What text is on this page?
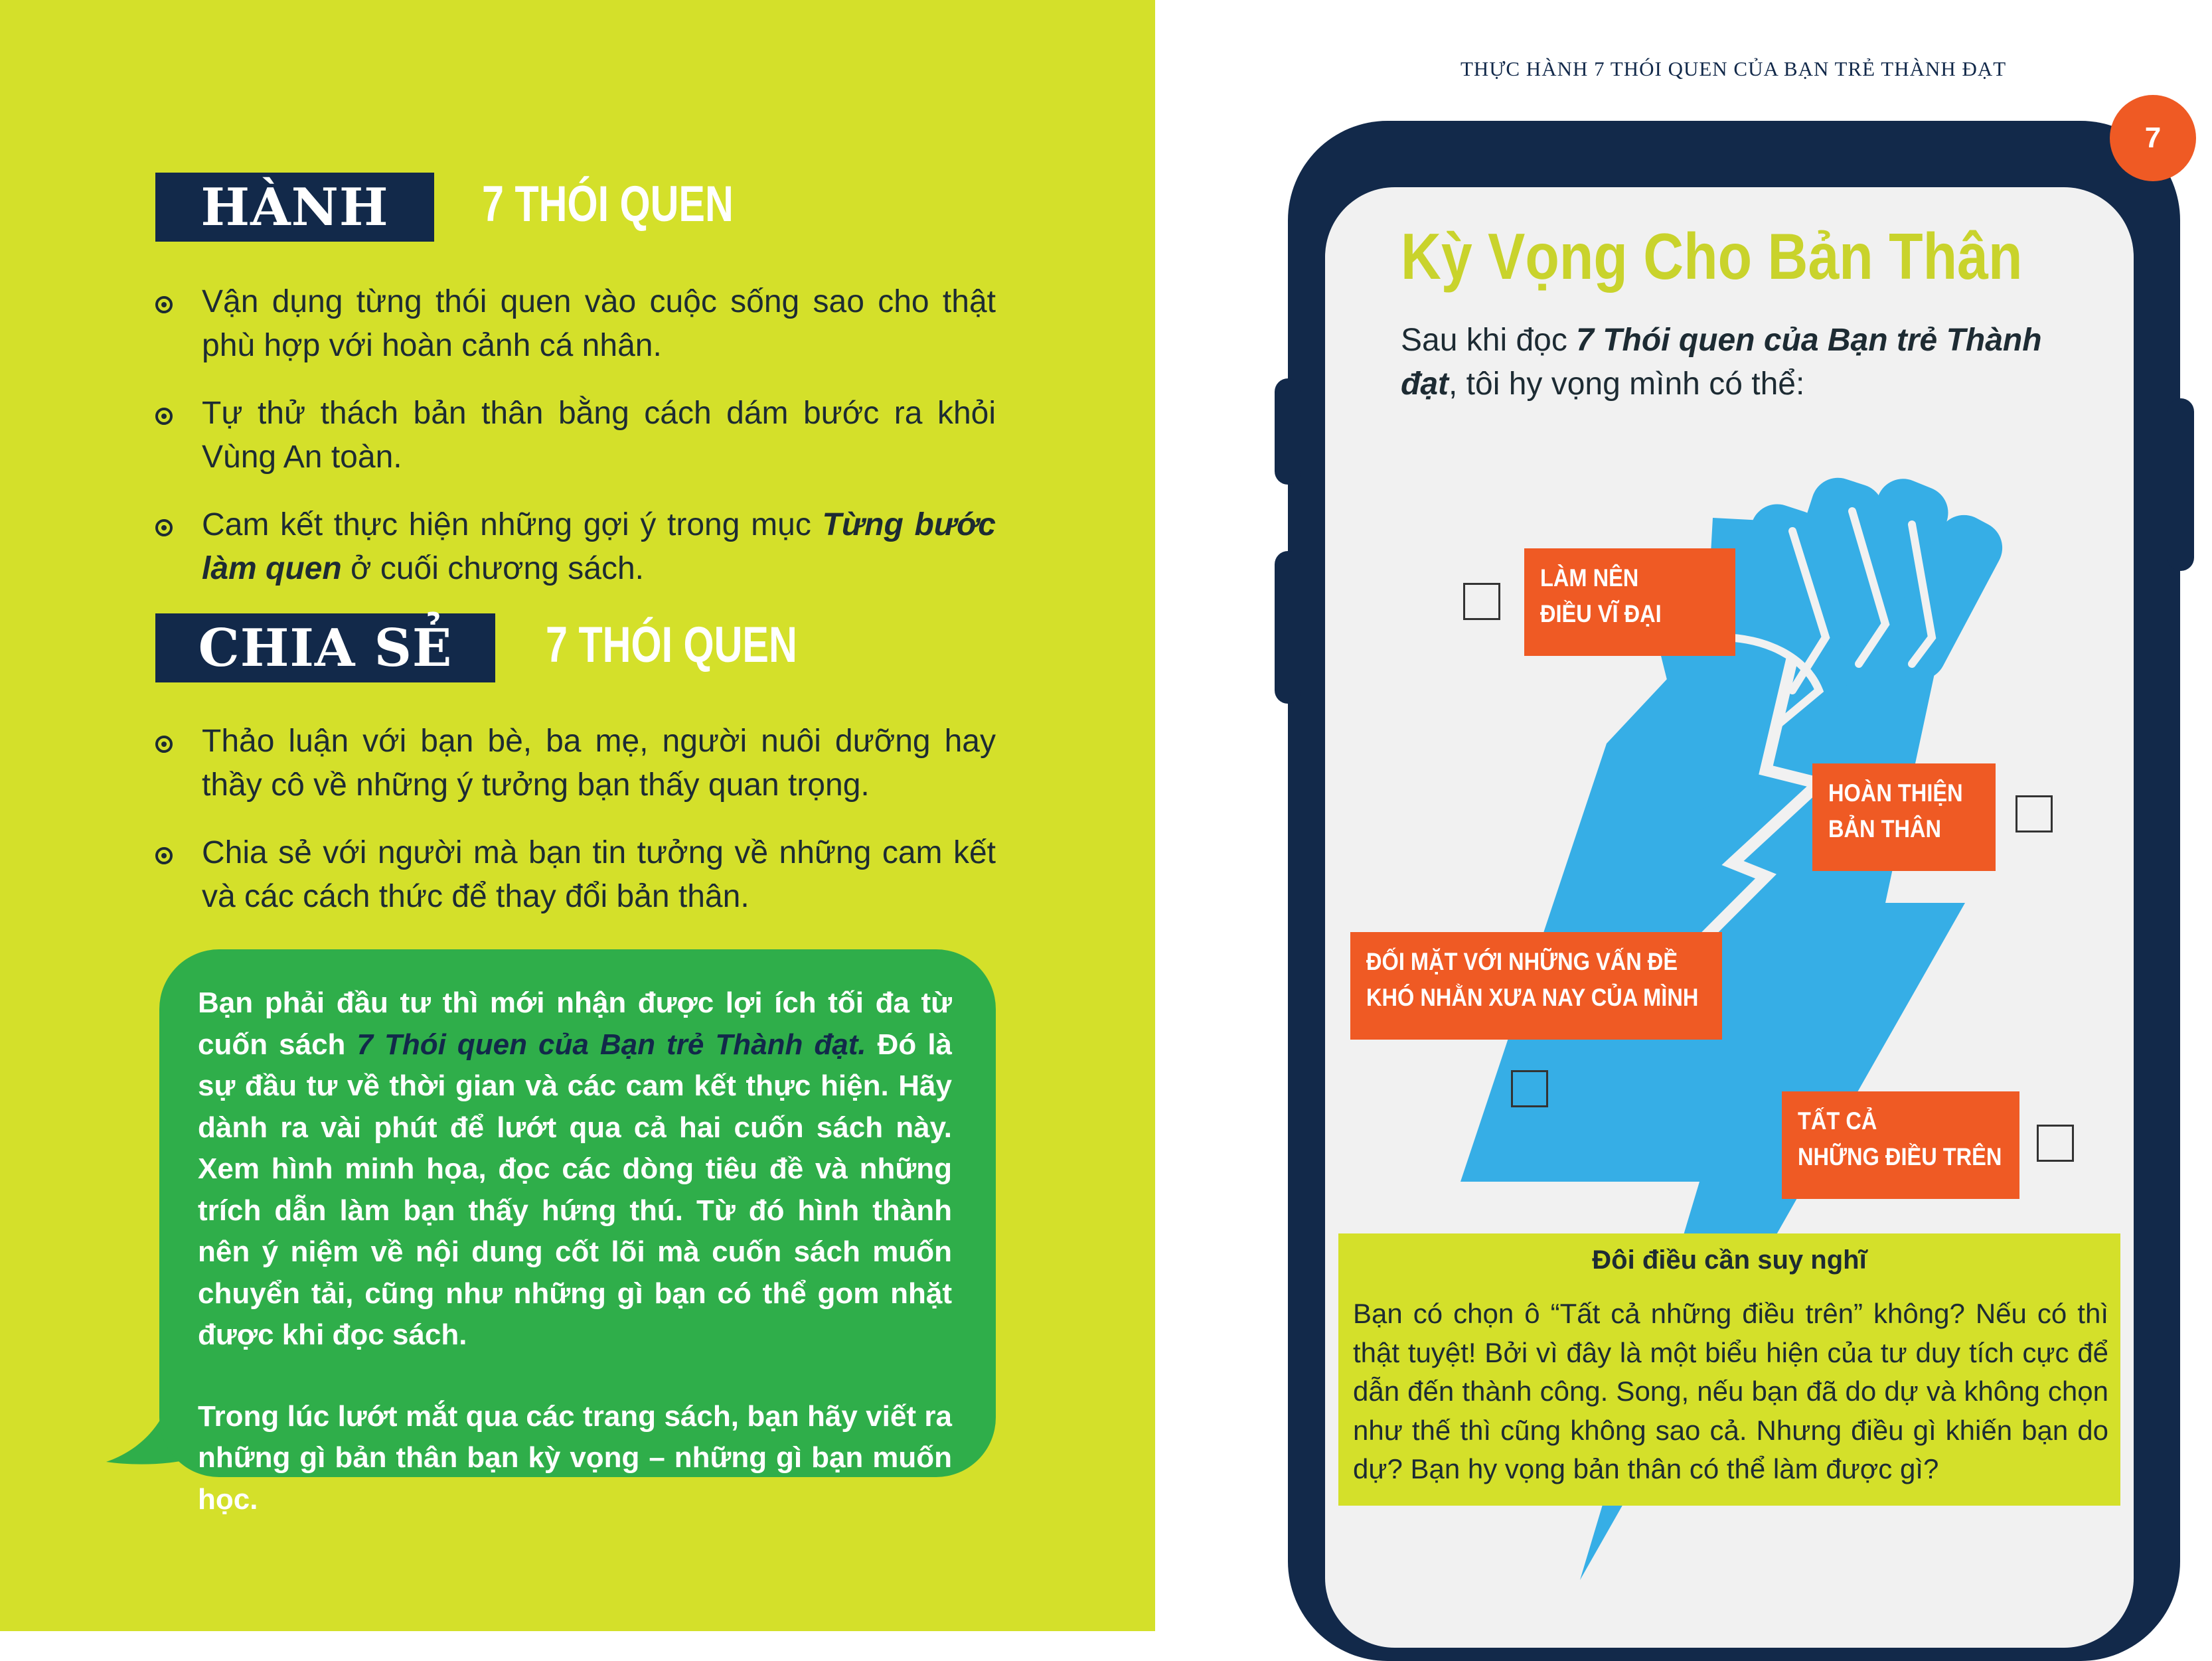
HÀNH	7 THÓI QUEN
Vận dụng từng thói quen vào cuộc sống sao cho thật phù hợp với hoàn cảnh cá nhân.
Tự thử thách bản thân bằng cách dám bước ra khỏi Vùng An toàn.
Cam kết thực hiện những gợi ý trong mục Từng bước làm quen ở cuối chương sách.
CHIA SẺ	7 THÓI QUEN
Thảo luận với bạn bè, ba mẹ, người nuôi dưỡng hay thầy cô về những ý tưởng bạn thấy quan trọng.
Chia sẻ với người mà bạn tin tưởng về những cam kết và các cách thức để thay đổi bản thân.

Bạn phải đầu tư thì mới nhận được lợi ích tối đa từ cuốn sách 7 Thói quen của Bạn trẻ Thành đạt. Đó là sự đầu tư về thời gian và các cam kết thực hiện. Hãy dành ra vài phút để lướt qua cả hai cuốn sách này. Xem hình minh họa, đọc các dòng tiêu đề và những trích dẫn làm bạn thấy hứng thú. Từ đó hình thành nên ý niệm về nội dung cốt lõi mà cuốn sách muốn chuyển tải, cũng như những gì bạn có thể gom nhặt được khi đọc sách.

Trong lúc lướt mắt qua các trang sách, bạn hãy viết ra những gì bản thân bạn kỳ vọng – những gì bạn muốn học.

THỰC HÀNH 7 THÓI QUEN CỦA BẠN TRẺ THÀNH ĐẠT
7
Kỳ Vọng Cho Bản Thân
Sau khi đọc 7 Thói quen của Bạn trẻ Thành đạt, tôi hy vọng mình có thể:
LÀM NÊN
ĐIỀU VĨ ĐẠI
HOÀN THIỆN
BẢN THÂN
ĐỐI MẶT VỚI NHỮNG VẤN ĐỀ
KHÓ NHẰN XƯA NAY CỦA MÌNH
TẤT CẢ
NHỮNG ĐIỀU TRÊN
Đôi điều cần suy nghĩ
Bạn có chọn ô “Tất cả những điều trên” không? Nếu có thì thật tuyệt! Bởi vì đây là một biểu hiện của tư duy tích cực để dẫn đến thành công. Song, nếu bạn đã do dự và không chọn như thế thì cũng không sao cả. Nhưng điều gì khiến bạn do dự? Bạn hy vọng bản thân có thể làm được gì?
